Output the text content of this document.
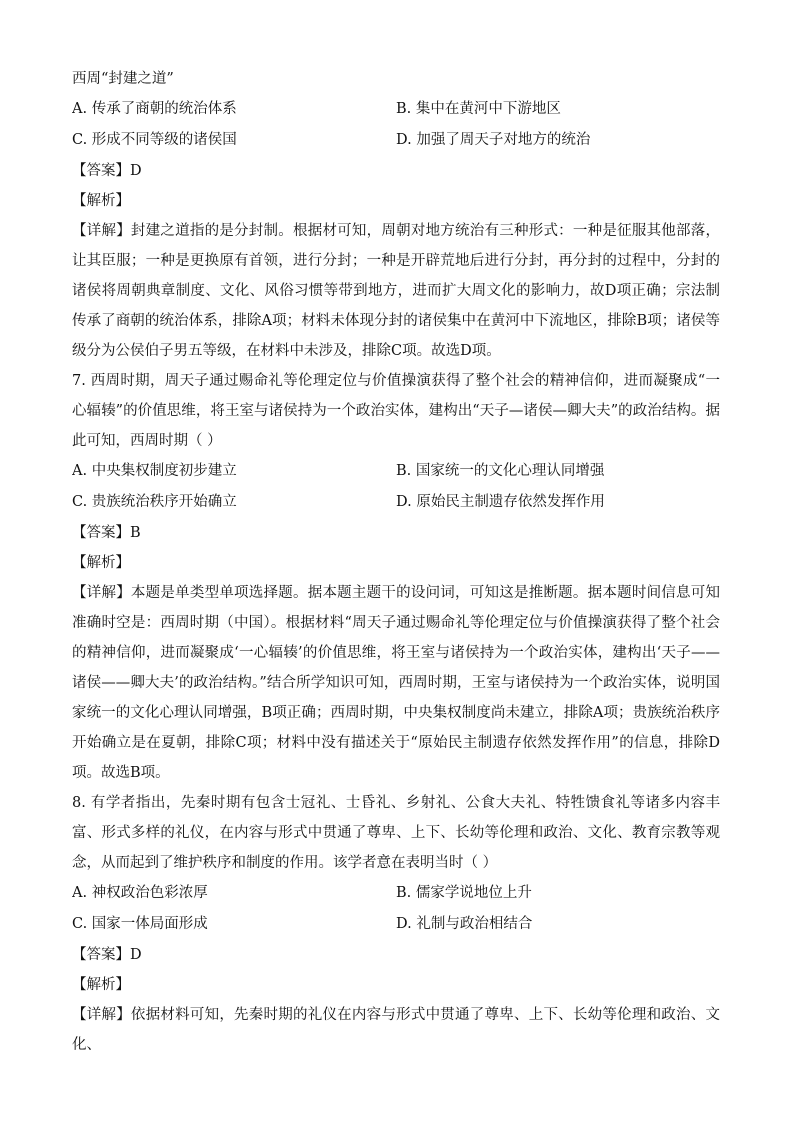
西周“封建之道”
A. 传承了商朝的统治体系	B. 集中在黄河中下游地区
C. 形成不同等级的诸侯国	D. 加强了周天子对地方的统治
【答案】D
【解析】

【详解】封建之道指的是分封制。根据材可知，周朝对地方统治有三种形式：一种是征服其他部落，让其臣服；一种是更换原有首领，进行分封；一种是开辟荒地后进行分封，再分封的过程中，分封的诸侯将周朝典章制度、文化、风俗习惯等带到地方，进而扩大周文化的影响力，故D项正确；宗法制传承了商朝的统治体系，排除A项；材料未体现分封的诸侯集中在黄河中下流地区，排除B项；诸侯等级分为公侯伯子男五等级，在材料中未涉及，排除C项。故选D项。

7. 西周时期，周天子通过赐命礼等伦理定位与价值操演获得了整个社会的精神信仰，进而凝聚成“一心辐辏”的价值思维，将王室与诸侯持为一个政治实体，建构出“天子—诸侯—卿大夫”的政治结构。据此可知，西周时期（ ）

A. 中央集权制度初步建立	B. 国家统一的文化心理认同增强
C. 贵族统治秩序开始确立	D. 原始民主制遗存依然发挥作用
【答案】B
【解析】

【详解】本题是单类型单项选择题。据本题主题干的设问词，可知这是推断题。据本题时间信息可知准确时空是：西周时期（中国）。根据材料“周天子通过赐命礼等伦理定位与价值操演获得了整个社会的精神信仰，进而凝聚成‘一心辐辏’的价值思维，将王室与诸侯持为一个政治实体，建构出‘天子——诸侯——卿大夫’的政治结构。”结合所学知识可知，西周时期，王室与诸侯持为一个政治实体，说明国家统一的文化心理认同增强，B项正确；西周时期，中央集权制度尚未建立，排除A项；贵族统治秩序开始确立是在夏朝，排除C项；材料中没有描述关于“原始民主制遗存依然发挥作用”的信息，排除D项。故选B项。

8. 有学者指出，先秦时期有包含士冠礼、士昏礼、乡射礼、公食大夫礼、特牲馈食礼等诸多内容丰富、形式多样的礼仪，在内容与形式中贯通了尊卑、上下、长幼等伦理和政治、文化、教育宗教等观念，从而起到了维护秩序和制度的作用。该学者意在表明当时（ ）

A. 神权政治色彩浓厚	B. 儒家学说地位上升
C. 国家一体局面形成	D. 礼制与政治相结合
【答案】D
【解析】

【详解】依据材料可知，先秦时期的礼仪在内容与形式中贯通了尊卑、上下、长幼等伦理和政治、文化、
